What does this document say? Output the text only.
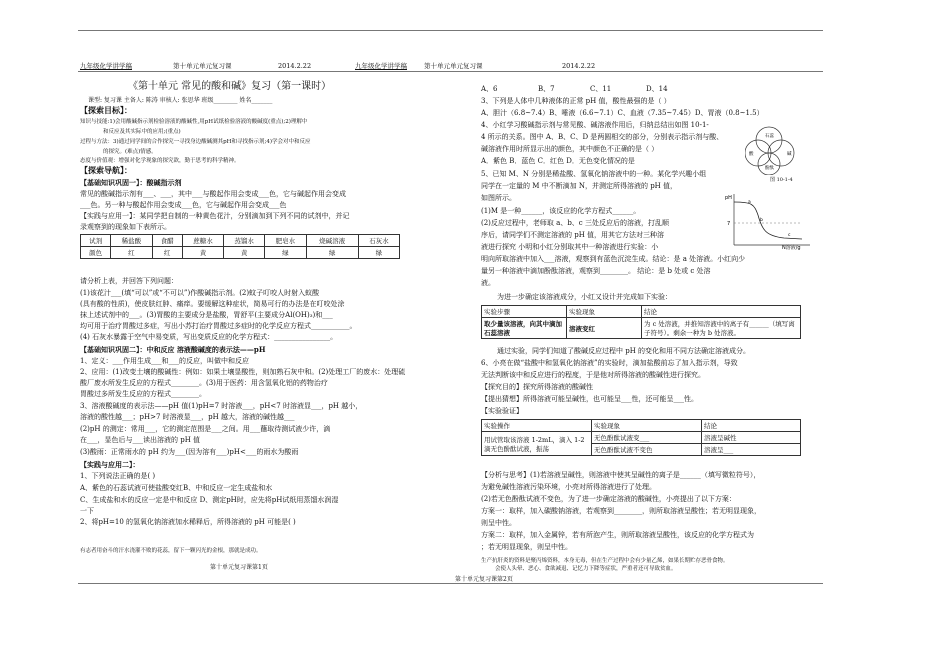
九年级化学讲学稿	第十单元单元复习课	2014.2.22	九年级化学讲学稿	第十单元单元复习课	2014.2.22
《第十单元 常见的酸和碱》复习（第一课时）
课型: 复习课 主备人: 陈涛 审核人: 张思华 班级________ 姓名_______
【探索目标】：
知识与技能:1)会用酸碱指示剂检验溶液的酸碱性,用pH试纸检验溶液的酸碱度(重点);2)理解中
和反应及其实际中的应用;(重点)
过程与方法：3)通过同学间的合作探究一寻找身边酸碱测其pH和寻找指示剂;4)学会对中和反应
的探究。(难点)情感。
态度与价值观：增强对化学现象的探究欲，勤于思考的科学精神。
【探索导航】：
【基础知识巩固一】：酸碱指示剂
常见的酸碱指示剂有___、___，其中___与酸起作用会变成___色，它与碱起作用会变成
___色。另一种与酸起作用会变成___色，它与碱起作用会变成___色
【实践与应用一】：某同学把自制的一种黄色花汁，分别滴加到下列不同的试剂中，并记
录观察到的现象如下表所示。
试剂	稀盐酸	食醋	蔗糖水	蒸馏水	肥皂水	烧碱溶液	石灰水
颜色	红	红	黄	黄	绿	绿	绿
请分析上表，并回答下列问题：
(1)该花汁___(填“可以”或“不可以”)作酸碱指示剂。(2)蚊子叮咬人时射入蚁酸
(具有酸的性质)，使皮肤红肿、痛痒。要缓解这种症状，简易可行的办法是在叮咬处涂
抹上述试剂中的___。(3)胃酸的主要成分是盐酸，胃舒平(主要成分Al(OH)₃)和___
均可用于治疗胃酸过多症，写出小苏打治疗胃酸过多症时的化学反应方程式___________。
(4) 石灰水暴露于空气中易变质，写出变质反应的化学方程式：________________。
【基础知识巩固二】：中和反应 溶液酸碱度的表示法——pH
1、定义：___作用生成___和___的反应，叫做中和反应
2、应用：(1)改变土壤的酸碱性：例如：如果土壤显酸性，则加熟石灰中和。(2)处理工厂的废水：处理硫
酸厂废水所发生反应的方程式________。(3)用于医药：用含氢氧化铝的药物治疗
胃酸过多所发生反应的方程式________。
3、溶液酸碱度的表示法——pH 值(1)pH=7 时溶液___，pH<7 时溶液显___，pH 越小，
溶液的酸性越___；pH>7 时溶液显___，pH 越大，溶液的碱性越___
(2)pH 的测定：常用___，它的测定范围是___之间。用___蘸取待测试液少许，滴
在___，显色后与___读出溶液的 pH 值
(3)酸雨：正常雨水的 pH 约为___(因为溶有___)pH<___的雨水为酸雨
【实践与应用二】：
1、下列说法正确的是( )
A、紫色的石蕊试液可使盐酸变红B、中和反应一定生成盐和水
C、生成盐和水的反应一定是中和反应 D、测定pH时，应先将pH试纸用蒸馏水润湿
一下
2、将pH=10 的氢氧化钠溶液加水稀释后，所得溶液的 pH 可能是( )
有志者用奋斗的汗水浇灌不败的花蕊，留下一颗闪光的金根，那就是成功。
第十单元复习课第1页
A、6	B、7	C、11	D、14
3、下列是人体中几种液体的正常 pH 值，酸性最强的是（ ）
A、胆汁（6.8~7.4）B、唾液（6.6~7.1）C、血液（7.35~7.45）D、胃液（0.8~1.5）
4、小红学习酸碱指示剂与常见酸、碱溶液作用后，归纳总结出如图 10-1-
4 所示的关系。图中 A、B、C、D 是两圆相交的部分，分别表示指示剂与酸、
碱溶液作用时所显示出的颜色，其中颜色不正确的是（ ）
A．紫色 B．蓝色 C．红色 D．无色变化情况的是
石蕊
酸	碱
酚酞
图 10-1-4
5、已知 M、N 分别是稀盐酸、氢氧化钠溶液中的一种。某化学兴趣小组
同学在一定量的 M 中不断滴加 N，并测定所得溶液的 pH 值，
如图所示。
(1)M 是一种______，该反应的化学方程式______。
(2)反应过程中，老师取 a、b、c 三处反应后的溶液，打乱顺
序后，请同学们不测定溶液的 pH 值，用其它方法对三种溶
液进行探究 小明和小红分别取其中一种溶液进行实验：小
明向所取溶液中加入___溶液，观察到有蓝色沉淀生成。结论：是 a 处溶液。小红向少
量另一种溶液中滴加酚酞溶液，观察到________。 结论：是 b 处或 c 处溶
液。
pH
7
N溶液/g
a
b
c
为进一步确定该溶液成分，小红又设计并完成如下实验：
实验步骤	实验现象	结论
取少量该溶液，向其中滴加石蕊溶液	溶液变红	为 c 处溶液，并推知溶液中的离子有______（填写离子符号）。剩余一种为 b 处溶液。
通过实验，同学们知道了酸碱反应过程中 pH 的变化和用不同方法确定溶液成分。
6、小亮在做“盐酸中和氢氧化钠溶液”的实验时，滴加盐酸前忘了加入指示剂，导致
无法判断该中和反应进行的程度，于是他对所得溶液的酸碱性进行探究。
【探究目的】探究所得溶液的酸碱性
【提出猜想】所得溶液可能呈碱性，也可能呈___性，还可能呈___性。
【实验验证】
实验操作	实验现象	结论
用试管取该溶液 1-2mL，滴入 1-2 滴无色酚酞试液，振荡	无色酚酞试液变___	溶液呈碱性
	无色酚酞试液不变色	溶液呈___
【分析与思考】(1)若溶液呈碱性，则溶液中使其呈碱性的离子是______（填写微粒符号），
为避免碱性溶液污染环境，小亮对所得溶液进行了处理。
(2)若无色酚酞试液不变色，为了进一步确定溶液的酸碱性，小亮提出了以下方案：
方案一：取样，加入碳酸钠溶液，若观察到________，则所取溶液呈酸性；若无明显现象，
则呈中性。
方案二：取样，加入金属锌，若有所泡产生，则所取溶液呈酸性，该反应的化学方程式为
；若无明显现象，则呈中性。
生产抗肝炎的资料是聚丙烯资料，本身无毒，但在生产过程中会有少量乙烯，如果长期贮存恶骨食物。
会使人头晕、恶心、食欲减退、记忆力下降等症状，严重者还可导致贫血。
第十单元复习课第2页
